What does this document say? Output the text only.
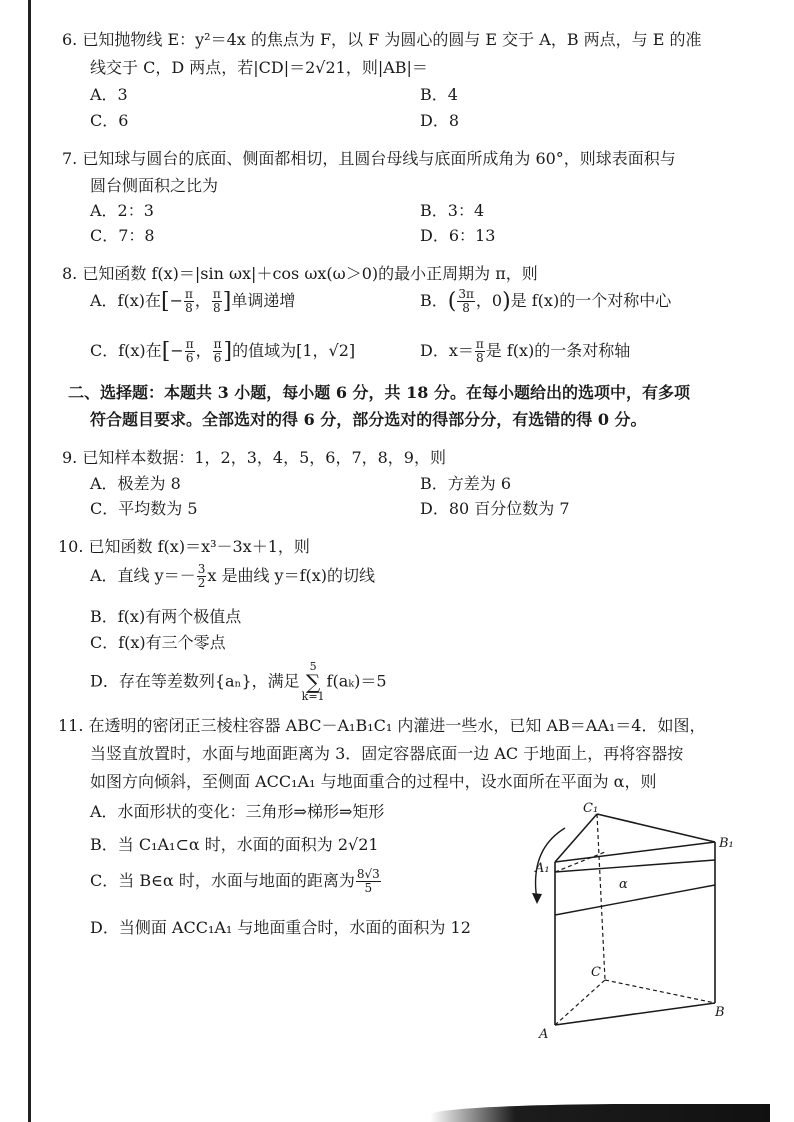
6. 已知抛物线 E：y²＝4x 的焦点为 F，以 F 为圆心的圆与 E 交于 A，B 两点，与 E 的准
线交于 C，D 两点，若|CD|＝2√21，则|AB|＝
A．3	B．4
C．6	D．8
7. 已知球与圆台的底面、侧面都相切，且圆台母线与底面所成角为 60°，则球表面积与
圆台侧面积之比为
A．2：3	B．3：4
C．7：8	D．6：13
8. 已知函数 f(x)＝|sin ωx|＋cos ωx(ω＞0)的最小正周期为 π，则
A．f(x)在[− $\frac{\pi}{8}$ ， $\frac{\pi}{8}$ ]单调递增	B．( $\frac{3\pi}{8}$ ，0)是 f(x)的一个对称中心
C．f(x)在[− $\frac{\pi}{6}$ ， $\frac{\pi}{6}$ ]的值域为[1，√2]	D．$x= \frac{\pi}{8}$ 是 f(x)的一条对称轴
二、选择题：本题共 3 小题，每小题 6 分，共 18 分。在每小题给出的选项中，有多项
符合题目要求。全部选对的得 6 分，部分选对的得部分分，有选错的得 0 分。
9. 已知样本数据：1，2，3，4，5，6，7，8，9，则
A．极差为 8	B．方差为 6
C．平均数为 5	D．80 百分位数为 7
10. 已知函数 f(x)＝x³－3x＋1，则
A．直线 $y=- \frac{3}{2}$ x 是曲线 y＝f(x)的切线
B．f(x)有两个极值点
C．f(x)有三个零点
D．存在等差数列{aₙ}，满足5
∑
k=1f(aₖ)＝5
11. 在透明的密闭正三棱柱容器 ABC－A₁B₁C₁ 内灌进一些水，已知 AB＝AA₁＝4．如图，
当竖直放置时，水面与地面距离为 3．固定容器底面一边 AC 于地面上，再将容器按
如图方向倾斜，至侧面 ACC₁A₁ 与地面重合的过程中，设水面所在平面为 α，则
A．水面形状的变化：三角形⇒梯形⇒矩形
B．当 C₁A₁⊂α 时，水面的面积为 2√21
C．当 B∈α 时，水面与地面的距离为 $\frac{8√3}{5}$
D．当侧面 ACC₁A₁ 与地面重合时，水面的面积为 12
C₁
B₁
A₁
α
C
B
A
